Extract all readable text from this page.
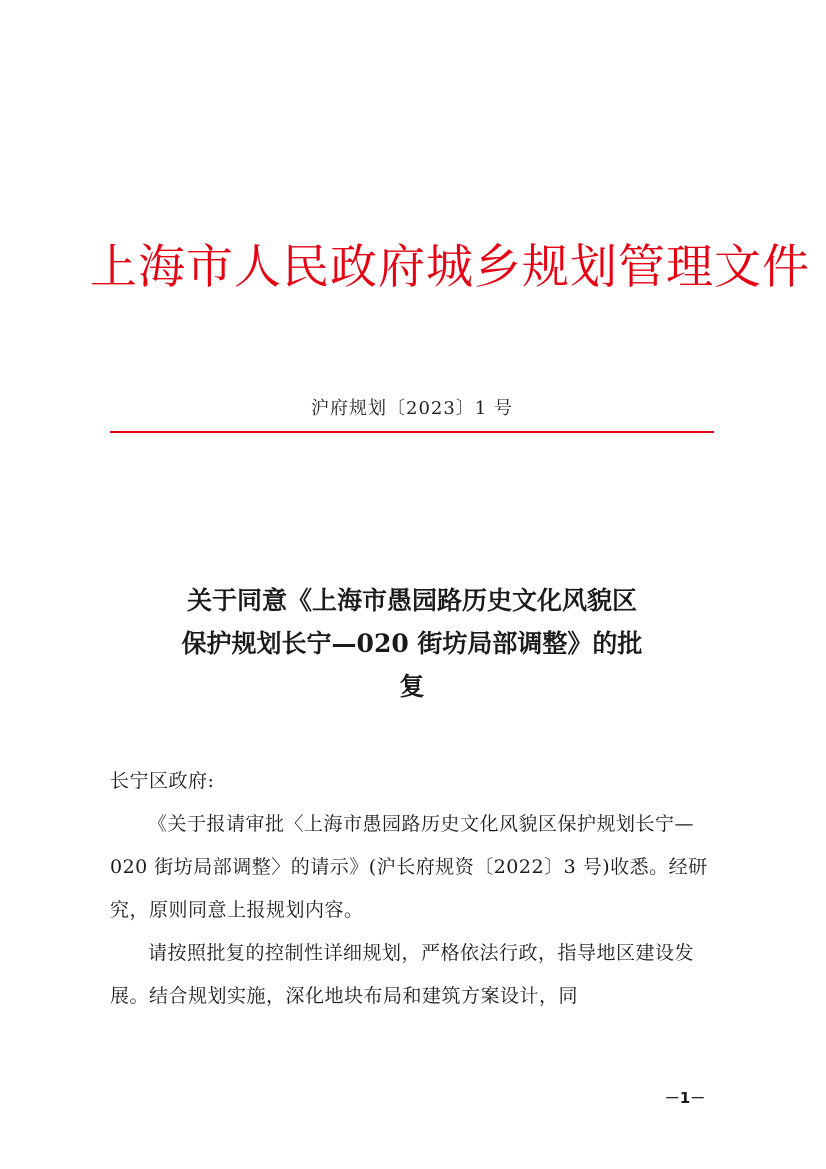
上海市人民政府城乡规划管理文件
沪府规划〔2023〕1 号
关于同意《上海市愚园路历史文化风貌区
保护规划长宁—020 街坊局部调整》的批
复

长宁区政府:

《关于报请审批〈上海市愚园路历史文化风貌区保护规划长宁—020 街坊局部调整〉的请示》(沪长府规资〔2022〕3 号)收悉。经研究，原则同意上报规划内容。

请按照批复的控制性详细规划，严格依法行政，指导地区建设发展。结合规划实施，深化地块布局和建筑方案设计，同

－1－
